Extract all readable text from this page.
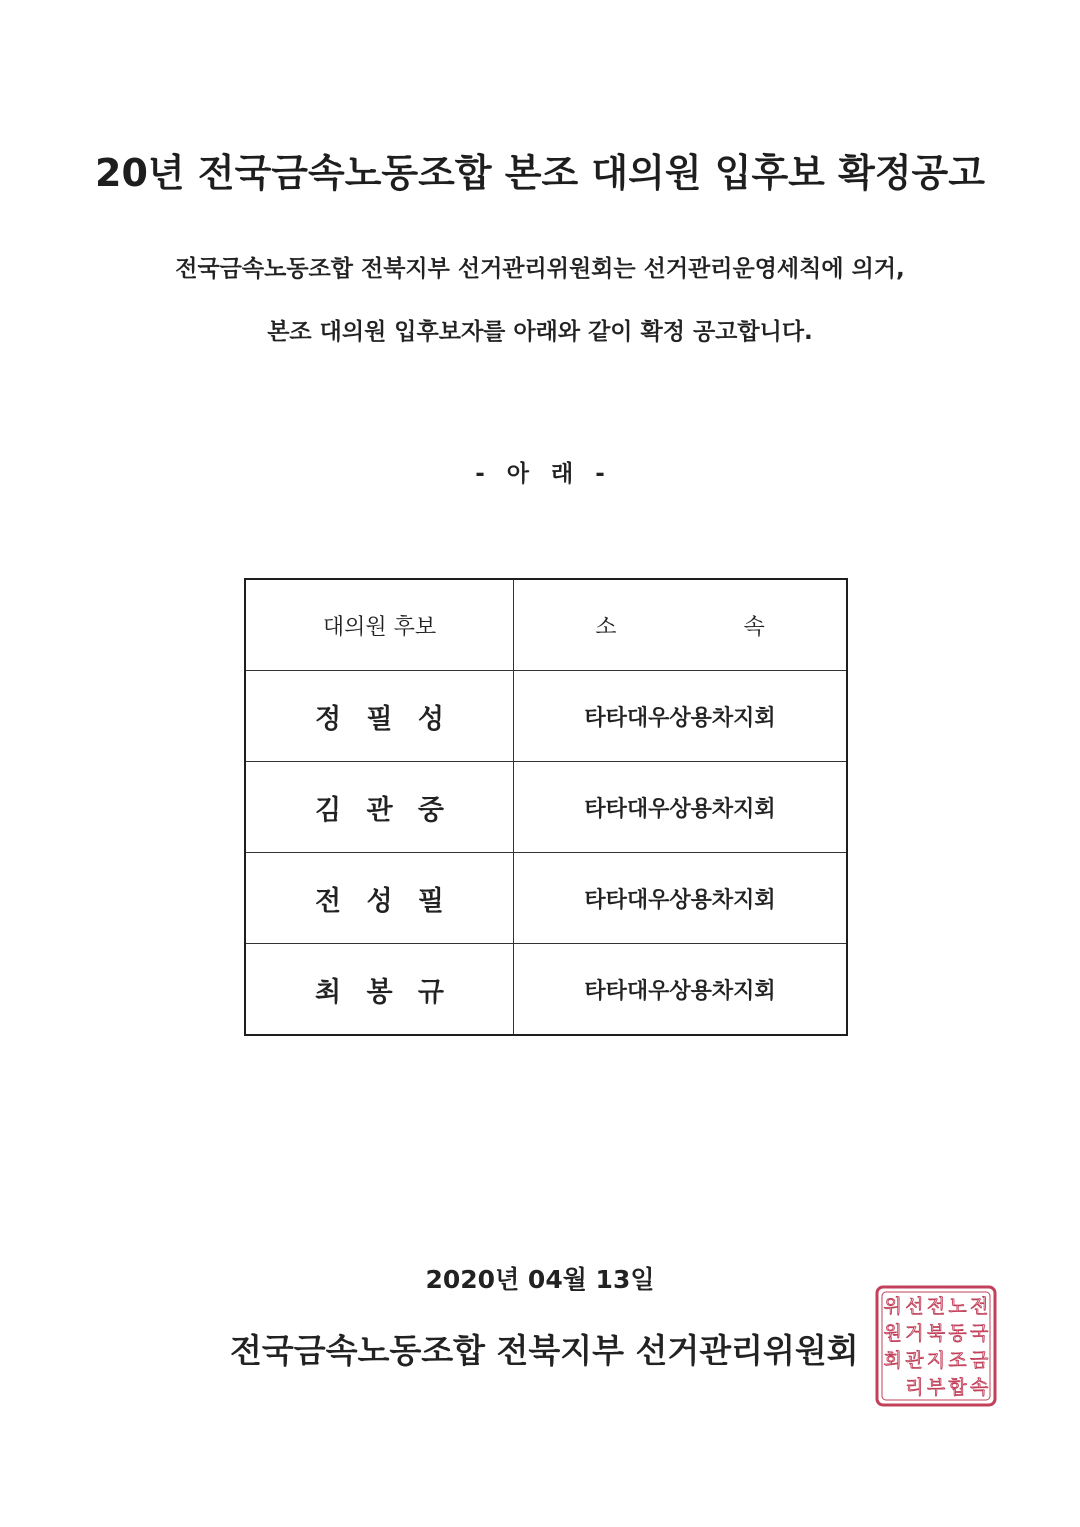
20년 전국금속노동조합 본조 대의원 입후보 확정공고
전국금속노동조합 전북지부 선거관리위원회는 선거관리운영세칙에 의거,
본조 대의원 입후보자를 아래와 같이 확정 공고합니다.
- 아 래 -
대의원 후보	소 속
정 필 성	타타대우상용차지회
김 관 중	타타대우상용차지회
전 성 필	타타대우상용차지회
최 봉 규	타타대우상용차지회
2020년 04월 13일
전국금속노동조합 전북지부 선거관리위원회
전
국
금
속
노
동
조
합
전
북
지
부
선
거
관
리
위
원
회
